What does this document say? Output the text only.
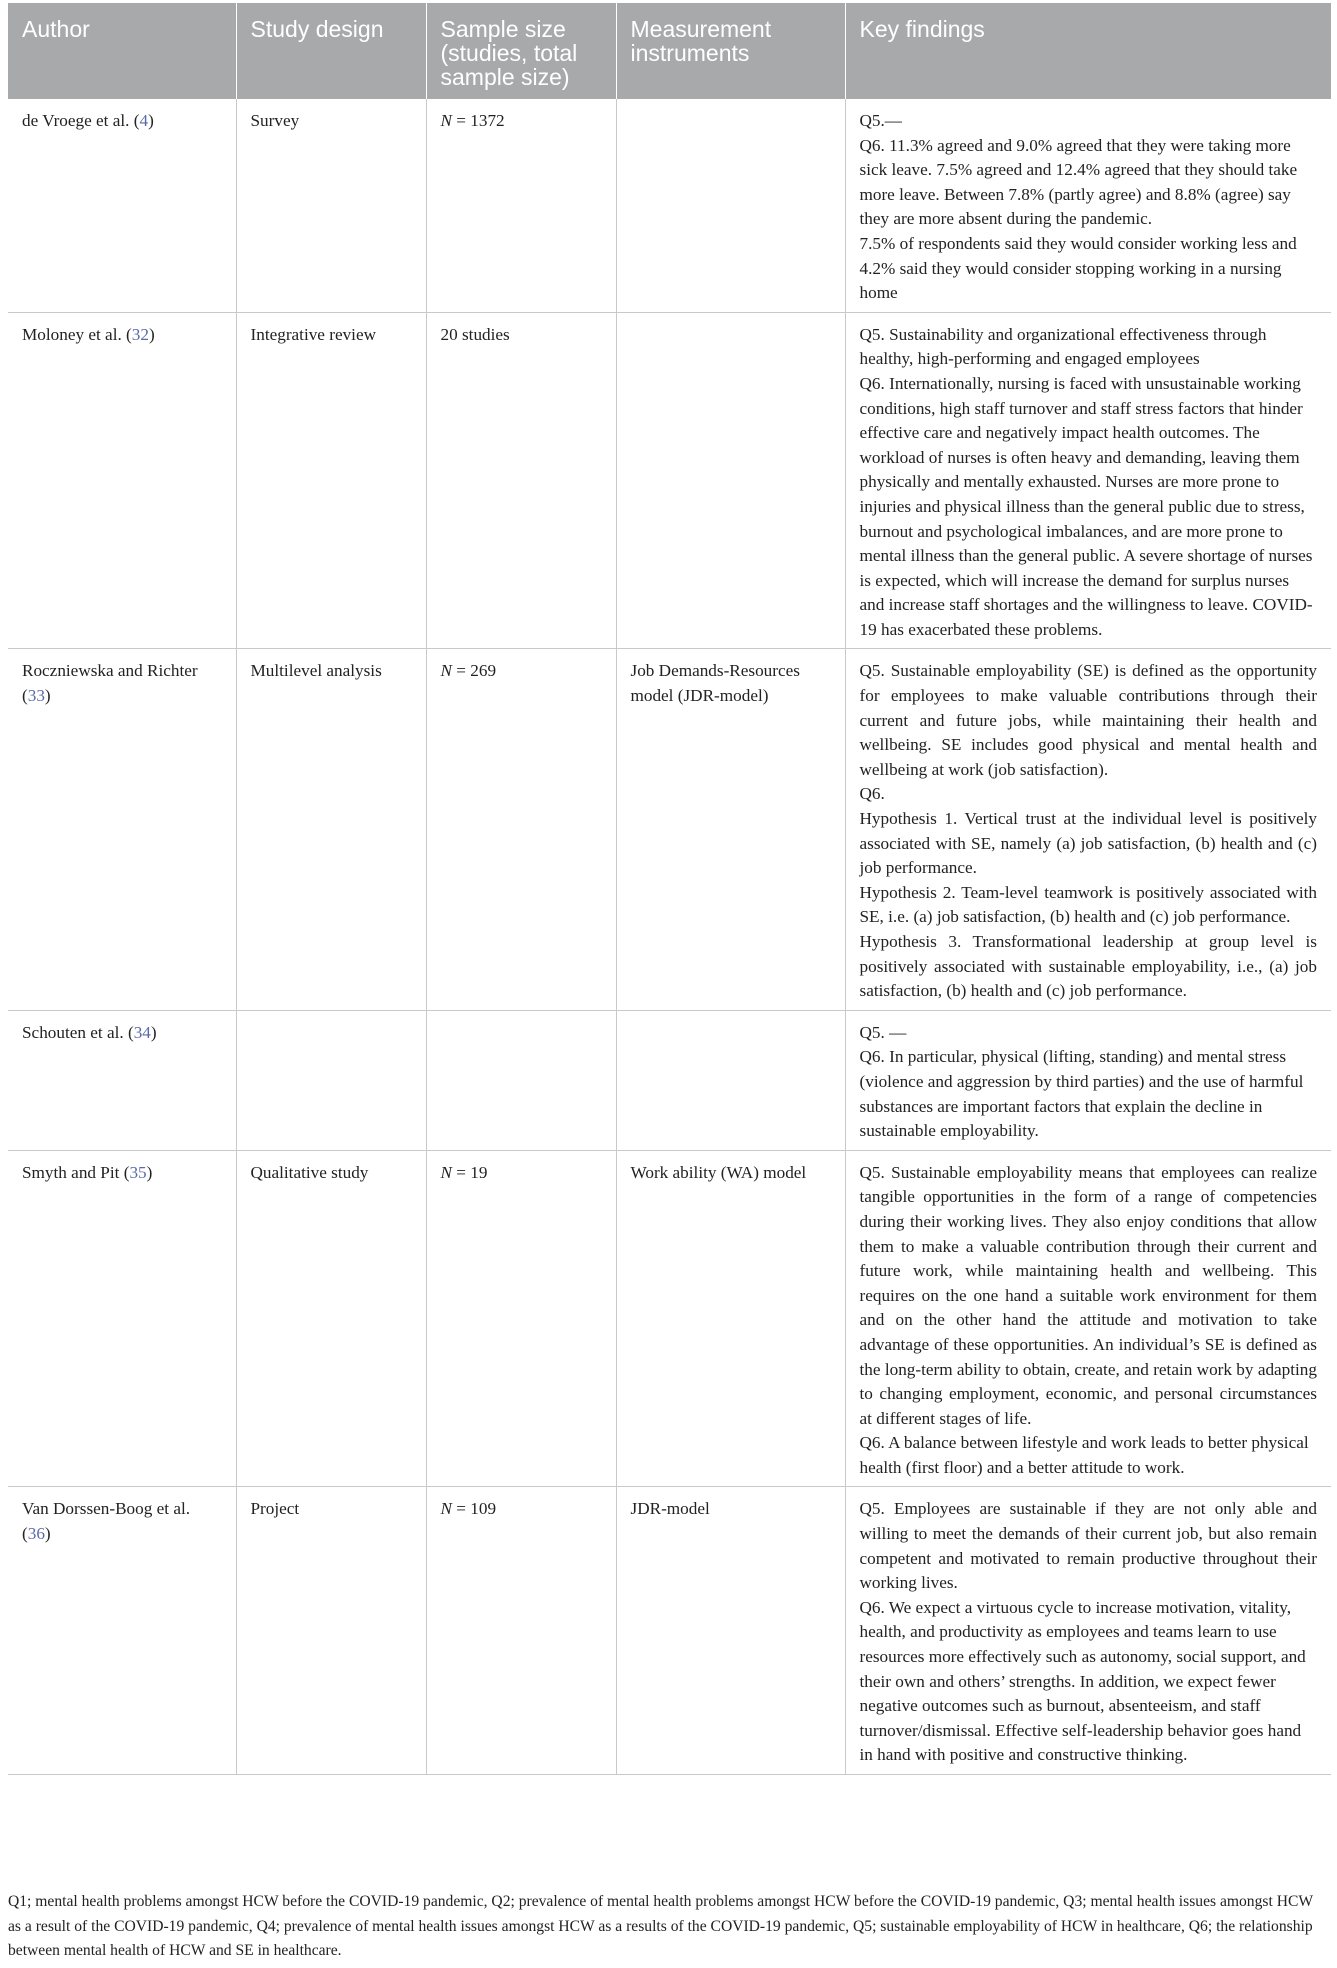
Author	Study design	Sample size (studies, total sample size)	Measurement instruments	Key findings
de Vroege et al. (4)	Survey	N = 1372		Q5.—
Q6. 11.3% agreed and 9.0% agreed that they were taking more sick leave. 7.5% agreed and 12.4% agreed that they should take more leave. Between 7.8% (partly agree) and 8.8% (agree) say they are more absent during the pandemic.
7.5% of respondents said they would consider working less and 4.2% said they would consider stopping working in a nursing home

Moloney et al. (32)	Integrative review	20 studies		Q5. Sustainability and organizational effectiveness through healthy, high-performing and engaged employees
Q6. Internationally, nursing is faced with unsustainable working conditions, high staff turnover and staff stress factors that hinder effective care and negatively impact health outcomes. The workload of nurses is often heavy and demanding, leaving them physically and mentally exhausted. Nurses are more prone to injuries and physical illness than the general public due to stress, burnout and psychological imbalances, and are more prone to mental illness than the general public. A severe shortage of nurses is expected, which will increase the demand for surplus nurses and increase staff shortages and the willingness to leave. COVID-19 has exacerbated these problems.

Roczniewska and Richter (33)	Multilevel analysis	N = 269	Job Demands-Resources model (JDR-model)	Q5. Sustainable employability (SE) is defined as the opportunity for employees to make valuable contributions through their current and future jobs, while maintaining their health and wellbeing. SE includes good physical and mental health and wellbeing at work (job satisfaction).
Q6.
Hypothesis 1. Vertical trust at the individual level is positively associated with SE, namely (a) job satisfaction, (b) health and (c) job performance.
Hypothesis 2. Team-level teamwork is positively associated with SE, i.e. (a) job satisfaction, (b) health and (c) job performance.
Hypothesis 3. Transformational leadership at group level is positively associated with sustainable employability, i.e., (a) job satisfaction, (b) health and (c) job performance.

Schouten et al. (34)				Q5. —
Q6. In particular, physical (lifting, standing) and mental stress (violence and aggression by third parties) and the use of harmful substances are important factors that explain the decline in sustainable employability.

Smyth and Pit (35)	Qualitative study	N = 19	Work ability (WA) model	Q5. Sustainable employability means that employees can realize tangible opportunities in the form of a range of competencies during their working lives. They also enjoy conditions that allow them to make a valuable contribution through their current and future work, while maintaining health and wellbeing. This requires on the one hand a suitable work environment for them and on the other hand the attitude and motivation to take advantage of these opportunities. An individual’s SE is defined as the long-term ability to obtain, create, and retain work by adapting to changing employment, economic, and personal circumstances at different stages of life.
Q6. A balance between lifestyle and work leads to better physical health (first floor) and a better attitude to work.

Van Dorssen-Boog et al. (36)	Project	N = 109	JDR-model	Q5. Employees are sustainable if they are not only able and willing to meet the demands of their current job, but also remain competent and motivated to remain productive throughout their working lives.
Q6. We expect a virtuous cycle to increase motivation, vitality, health, and productivity as employees and teams learn to use resources more effectively such as autonomy, social support, and their own and others’ strengths. In addition, we expect fewer negative outcomes such as burnout, absenteeism, and staff turnover/dismissal. Effective self-leadership behavior goes hand in hand with positive and constructive thinking.
Q1; mental health problems amongst HCW before the COVID-19 pandemic, Q2; prevalence of mental health problems amongst HCW before the COVID-19 pandemic, Q3; mental health issues amongst HCW as a result of the COVID-19 pandemic, Q4; prevalence of mental health issues amongst HCW as a results of the COVID-19 pandemic, Q5; sustainable employability of HCW in healthcare, Q6; the relationship between mental health of HCW and SE in healthcare.
